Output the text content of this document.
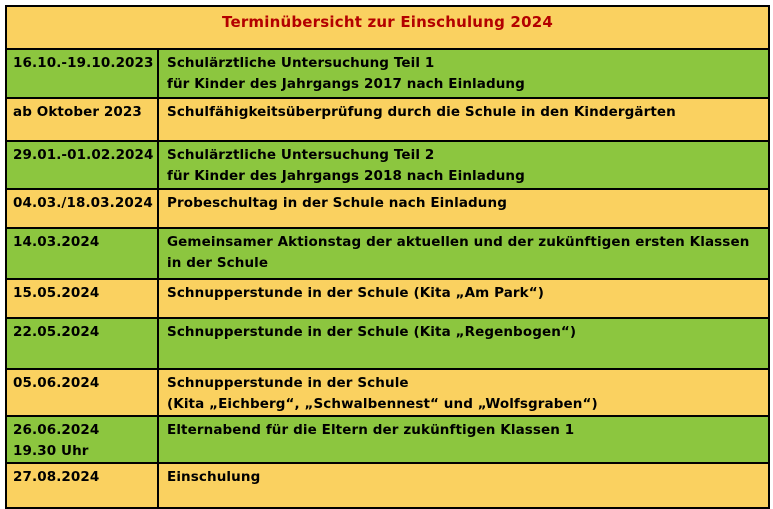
Terminübersicht zur Einschulung 2024	

16.10.-19.10.2023	Schulärztliche Untersuchung Teil 1
für Kinder des Jahrgangs 2017 nach Einladung

ab Oktober 2023	Schulfähigkeitsüberprüfung durch die Schule in den Kindergärten

29.01.-01.02.2024	Schulärztliche Untersuchung Teil 2
für Kinder des Jahrgangs 2018 nach Einladung

04.03./18.03.2024	Probeschultag in der Schule nach Einladung

14.03.2024	Gemeinsamer Aktionstag der aktuellen und der zukünftigen ersten Klassen in der Schule

15.05.2024	Schnupperstunde in der Schule (Kita „Am Park“)

22.05.2024	Schnupperstunde in der Schule (Kita „Regenbogen“)

05.06.2024	Schnupperstunde in der Schule
(Kita „Eichberg“, „Schwalbennest“ und „Wolfsgraben“)

26.06.2024
19.30 Uhr	Elternabend für die Eltern der zukünftigen Klassen 1

27.08.2024	Einschulung
